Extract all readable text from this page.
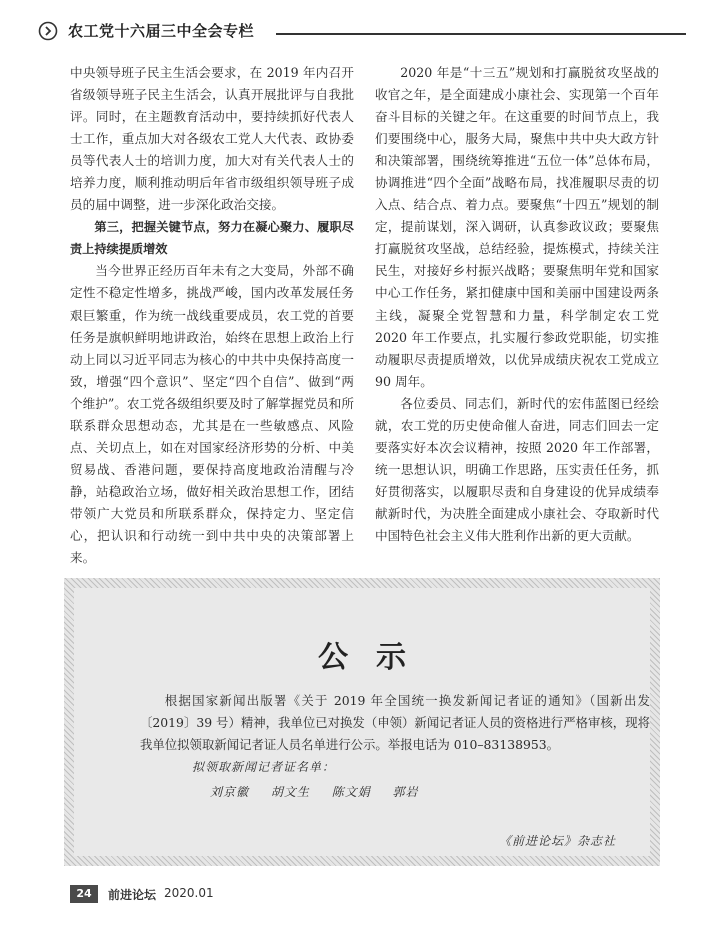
农工党十六届三中全会专栏

中央领导班子民主生活会要求，在 2019 年内召开省级领导班子民主生活会，认真开展批评与自我批评。同时，在主题教育活动中，要持续抓好代表人士工作，重点加大对各级农工党人大代表、政协委员等代表人士的培训力度，加大对有关代表人士的培养力度，顺利推动明后年省市级组织领导班子成员的届中调整，进一步深化政治交接。

第三，把握关键节点，努力在凝心聚力、履职尽责上持续提质增效

当今世界正经历百年未有之大变局，外部不确定性不稳定性增多，挑战严峻，国内改革发展任务艰巨繁重，作为统一战线重要成员，农工党的首要任务是旗帜鲜明地讲政治，始终在思想上政治上行动上同以习近平同志为核心的中共中央保持高度一致，增强“四个意识”、坚定“四个自信”、做到“两个维护”。农工党各级组织要及时了解掌握党员和所联系群众思想动态，尤其是在一些敏感点、风险点、关切点上，如在对国家经济形势的分析、中美贸易战、香港问题，要保持高度地政治清醒与冷静，站稳政治立场，做好相关政治思想工作，团结带领广大党员和所联系群众，保持定力、坚定信心，把认识和行动统一到中共中央的决策部署上来。

2020 年是“十三五”规划和打赢脱贫攻坚战的收官之年，是全面建成小康社会、实现第一个百年奋斗目标的关键之年。在这重要的时间节点上，我们要围绕中心，服务大局，聚焦中共中央大政方针和决策部署，围绕统筹推进“五位一体”总体布局，协调推进“四个全面”战略布局，找准履职尽责的切入点、结合点、着力点。要聚焦“十四五”规划的制定，提前谋划，深入调研，认真参政议政；要聚焦打赢脱贫攻坚战，总结经验，提炼模式，持续关注民生，对接好乡村振兴战略；要聚焦明年党和国家中心工作任务，紧扣健康中国和美丽中国建设两条主线，凝聚全党智慧和力量，科学制定农工党 2020 年工作要点，扎实履行参政党职能，切实推动履职尽责提质增效，以优异成绩庆祝农工党成立 90 周年。

各位委员、同志们，新时代的宏伟蓝图已经绘就，农工党的历史使命催人奋进，同志们回去一定要落实好本次会议精神，按照 2020 年工作部署，统一思想认识，明确工作思路，压实责任任务，抓好贯彻落实，以履职尽责和自身建设的优异成绩奉献新时代，为决胜全面建成小康社会、夺取新时代中国特色社会主义伟大胜利作出新的更大贡献。

公示

根据国家新闻出版署《关于 2019 年全国统一换发新闻记者证的通知》（国新出发〔2019〕39 号）精神，我单位已对换发（申领）新闻记者证人员的资格进行严格审核，现将我单位拟领取新闻记者证人员名单进行公示。举报电话为 010–83138953。

拟领取新闻记者证名单：
刘京徽 胡文生 陈文娟 郭岩
《前进论坛》杂志社
24	前进论坛 2020.01
